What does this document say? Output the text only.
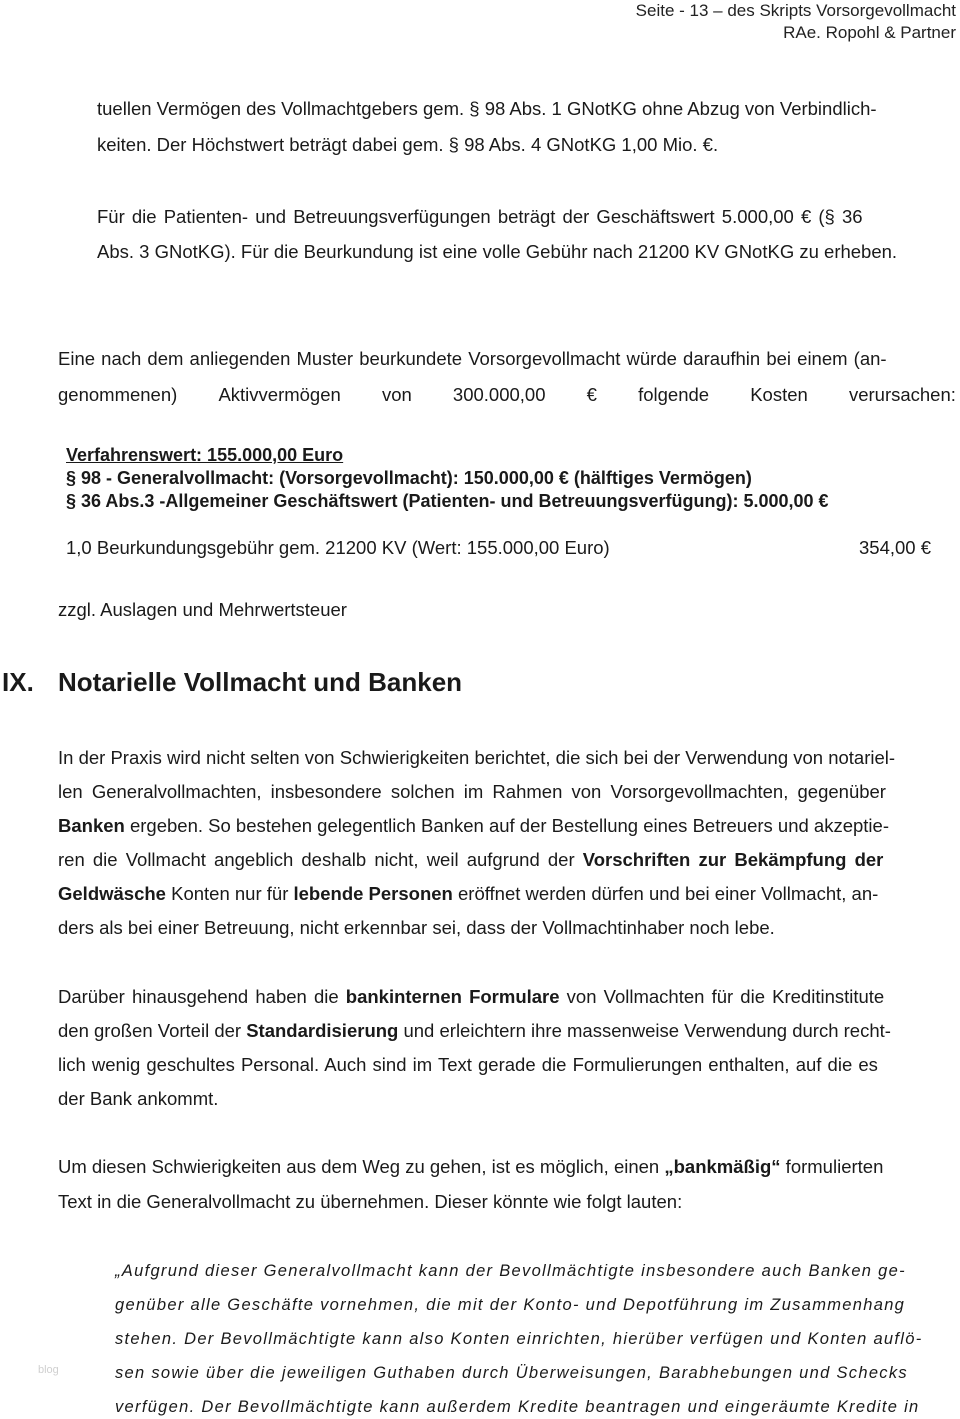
Seite - 13 – des Skripts Vorsorgevollmacht
RAe. Ropohl & Partner
tuellen Vermögen des Vollmachtgebers gem. § 98 Abs. 1 GNotKG ohne Abzug von Verbindlich-
keiten. Der Höchstwert beträgt dabei gem. § 98 Abs. 4 GNotKG 1,00 Mio. €.
Für die Patienten- und Betreuungsverfügungen beträgt der Geschäftswert 5.000,00 € (§ 36
Abs. 3 GNotKG). Für die Beurkundung ist eine volle Gebühr nach 21200 KV GNotKG zu erheben.
Eine nach dem anliegenden Muster beurkundete Vorsorgevollmacht würde daraufhin bei einem (an-
genommenen) Aktivvermögen von 300.000,00 € folgende Kosten verursachen:
Verfahrenswert: 155.000,00 Euro
§ 98 - Generalvollmacht: (Vorsorgevollmacht): 150.000,00 € (hälftiges Vermögen)
§ 36 Abs.3 -Allgemeiner Geschäftswert (Patienten- und Betreuungsverfügung): 5.000,00 €
1,0 Beurkundungsgebühr gem. 21200 KV (Wert: 155.000,00 Euro)	354,00 €
zzgl. Auslagen und Mehrwertsteuer
IX. Notarielle Vollmacht und Banken
In der Praxis wird nicht selten von Schwierigkeiten berichtet, die sich bei der Verwendung von notariel-
len Generalvollmachten, insbesondere solchen im Rahmen von Vorsorgevollmachten, gegenüber
Banken ergeben. So bestehen gelegentlich Banken auf der Bestellung eines Betreuers und akzeptie-
ren die Vollmacht angeblich deshalb nicht, weil aufgrund der Vorschriften zur Bekämpfung der
Geldwäsche Konten nur für lebende Personen eröffnet werden dürfen und bei einer Vollmacht, an-
ders als bei einer Betreuung, nicht erkennbar sei, dass der Vollmachtinhaber noch lebe.
Darüber hinausgehend haben die bankinternen Formulare von Vollmachten für die Kreditinstitute
den großen Vorteil der Standardisierung und erleichtern ihre massenweise Verwendung durch recht-
lich wenig geschultes Personal. Auch sind im Text gerade die Formulierungen enthalten, auf die es
der Bank ankommt.
Um diesen Schwierigkeiten aus dem Weg zu gehen, ist es möglich, einen „bankmäßig“ formulierten
Text in die Generalvollmacht zu übernehmen. Dieser könnte wie folgt lauten:
„Aufgrund dieser Generalvollmacht kann der Bevollmächtigte insbesondere auch Banken ge-
genüber alle Geschäfte vornehmen, die mit der Konto- und Depotführung im Zusammenhang
stehen. Der Bevollmächtigte kann also Konten einrichten, hierüber verfügen und Konten auflö-
sen sowie über die jeweiligen Guthaben durch Überweisungen, Barabhebungen und Schecks
verfügen. Der Bevollmächtigte kann außerdem Kredite beantragen und eingeräumte Kredite in
blog
